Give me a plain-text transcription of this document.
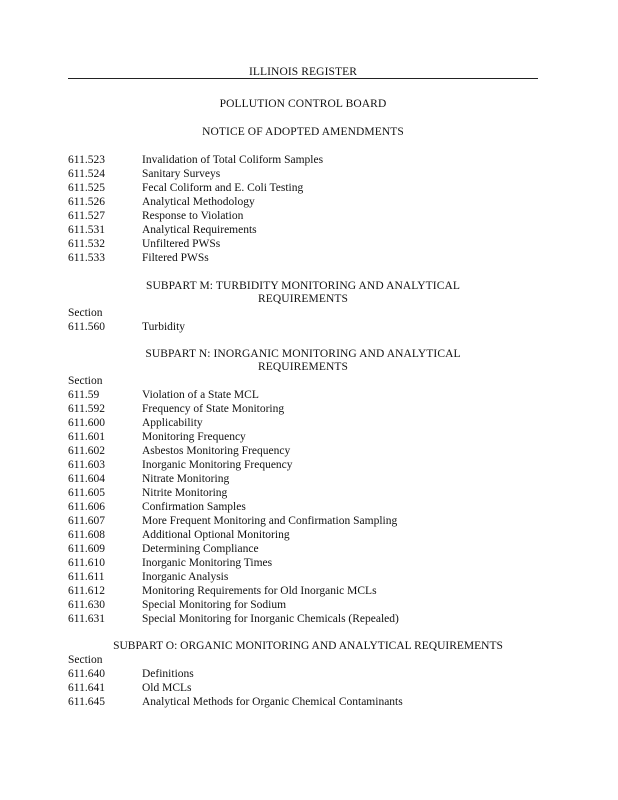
ILLINOIS REGISTER
POLLUTION CONTROL BOARD
NOTICE OF ADOPTED AMENDMENTS
611.523	Invalidation of Total Coliform Samples
611.524	Sanitary Surveys
611.525	Fecal Coliform and E. Coli Testing
611.526	Analytical Methodology
611.527	Response to Violation
611.531	Analytical Requirements
611.532	Unfiltered PWSs
611.533	Filtered PWSs
SUBPART M: TURBIDITY MONITORING AND ANALYTICAL
REQUIREMENTS
Section
611.560	Turbidity
SUBPART N: INORGANIC MONITORING AND ANALYTICAL
REQUIREMENTS
Section
611.59	Violation of a State MCL
611.592	Frequency of State Monitoring
611.600	Applicability
611.601	Monitoring Frequency
611.602	Asbestos Monitoring Frequency
611.603	Inorganic Monitoring Frequency
611.604	Nitrate Monitoring
611.605	Nitrite Monitoring
611.606	Confirmation Samples
611.607	More Frequent Monitoring and Confirmation Sampling
611.608	Additional Optional Monitoring
611.609	Determining Compliance
611.610	Inorganic Monitoring Times
611.611	Inorganic Analysis
611.612	Monitoring Requirements for Old Inorganic MCLs
611.630	Special Monitoring for Sodium
611.631	Special Monitoring for Inorganic Chemicals (Repealed)
SUBPART O: ORGANIC MONITORING AND ANALYTICAL REQUIREMENTS
Section
611.640	Definitions
611.641	Old MCLs
611.645	Analytical Methods for Organic Chemical Contaminants
